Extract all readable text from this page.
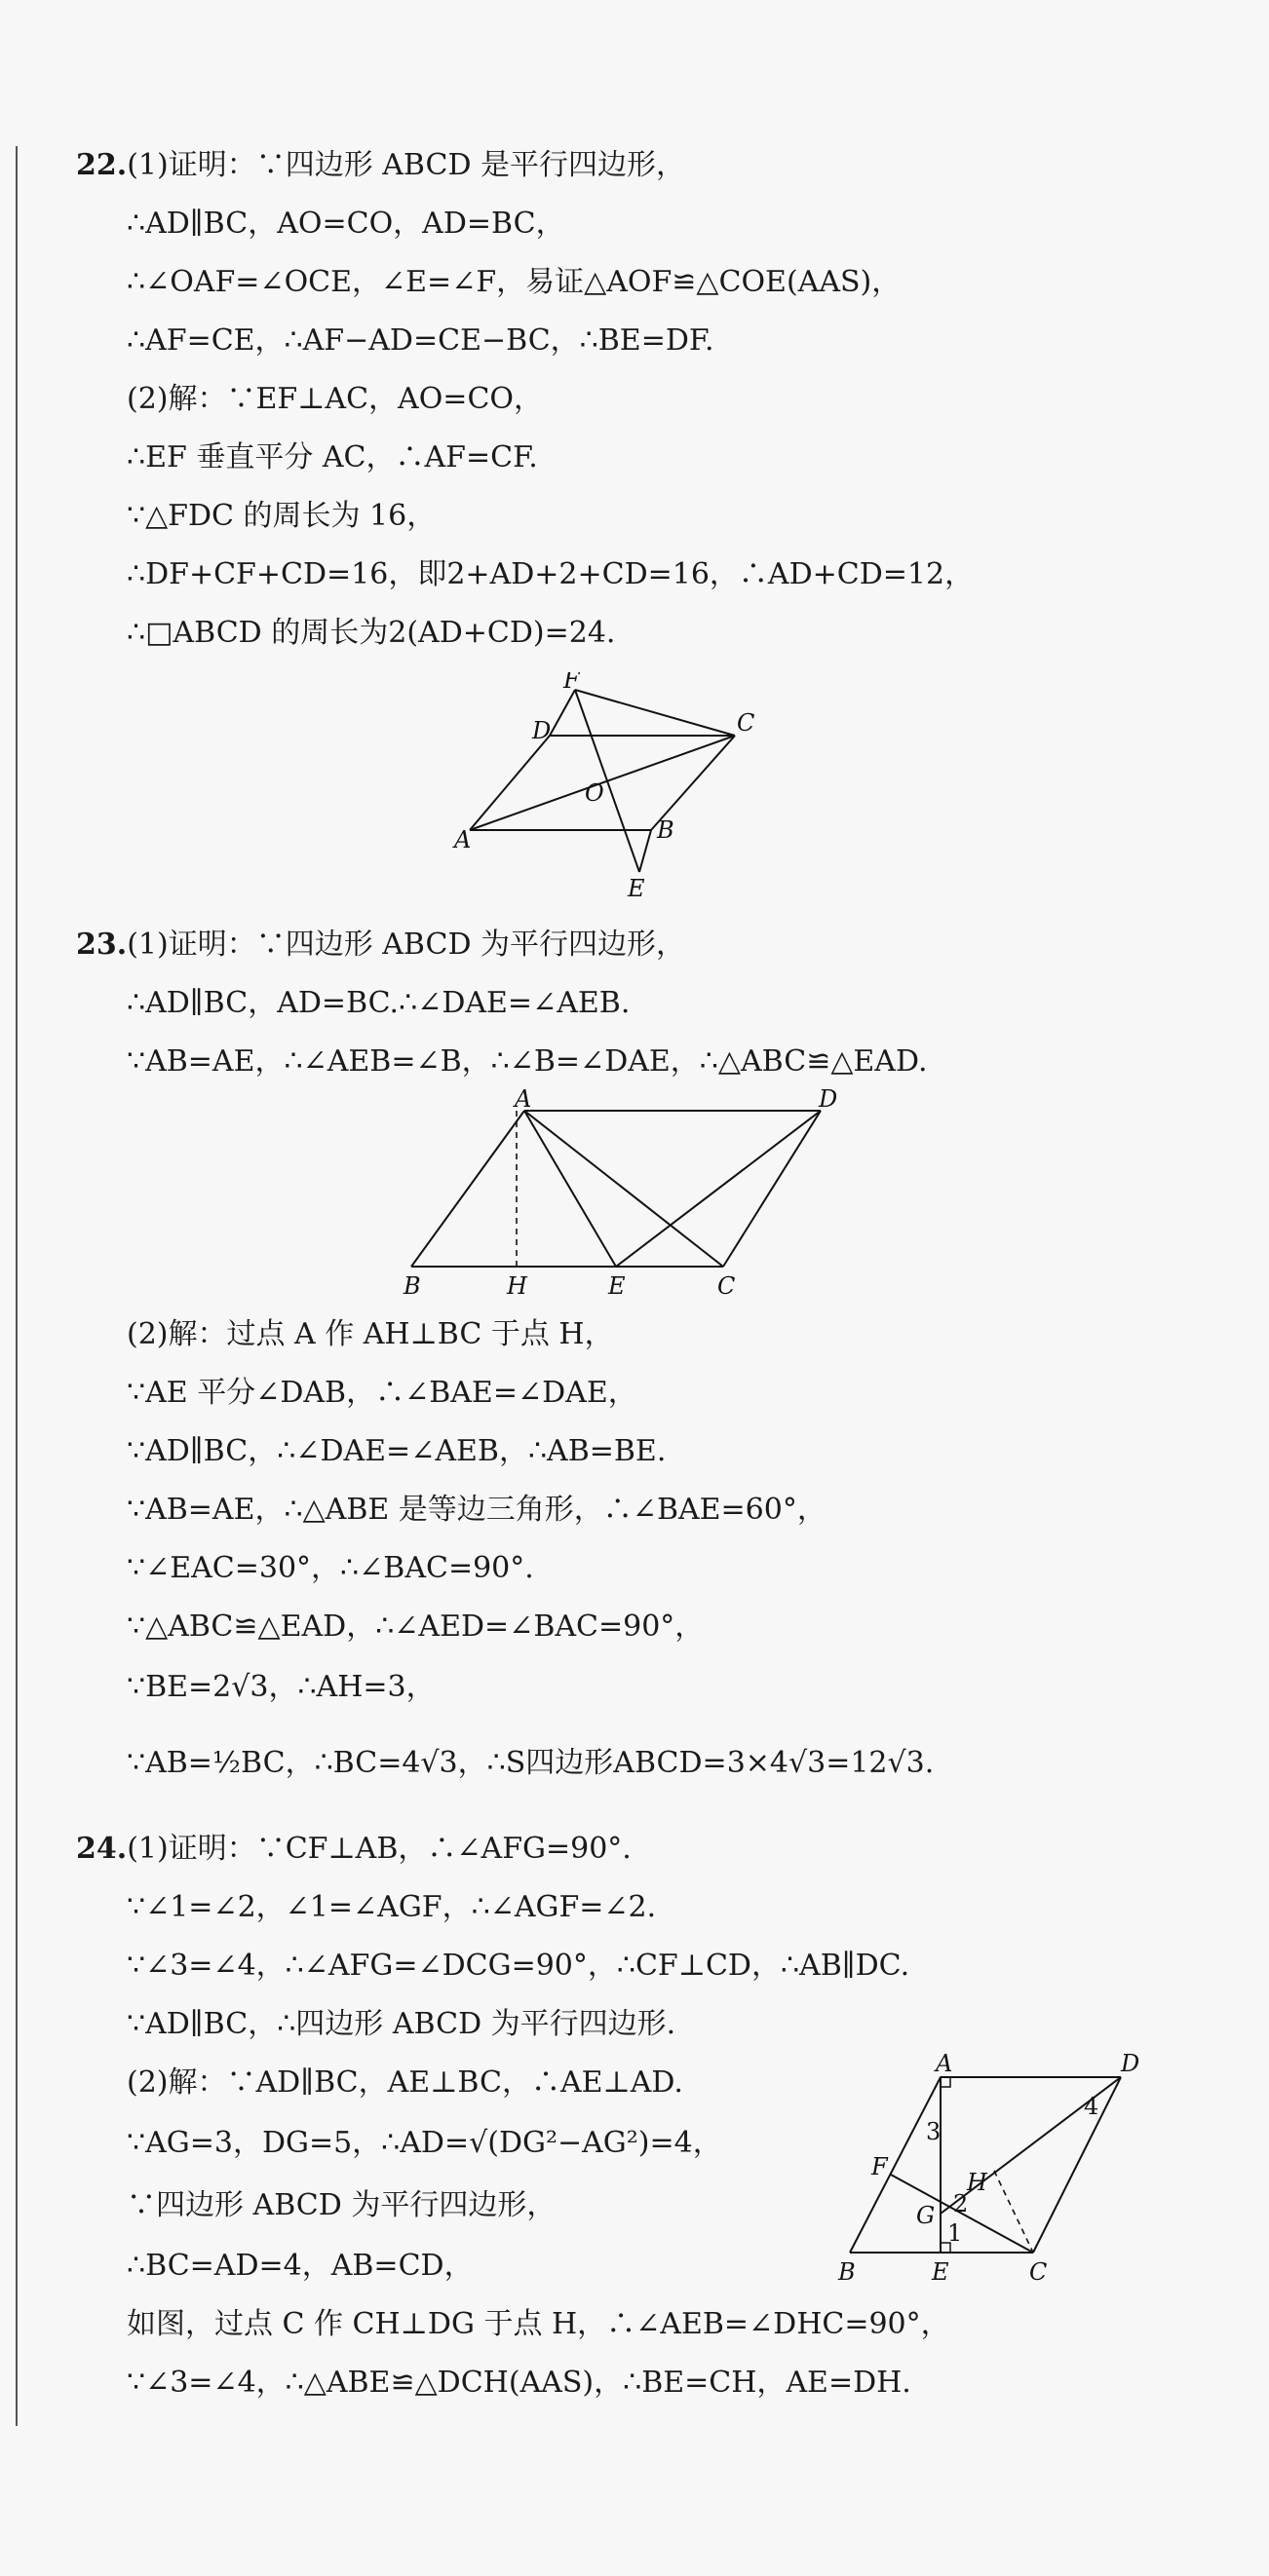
22.(1)证明：∵四边形 ABCD 是平行四边形，
∴AD∥BC，AO=CO，AD=BC，
∴∠OAF=∠OCE，∠E=∠F，易证△AOF≌△COE(AAS)，
∴AF=CE，∴AF−AD=CE−BC，∴BE=DF.
(2)解：∵EF⊥AC，AO=CO，
∴EF 垂直平分 AC，∴AF=CF.
∵△FDC 的周长为 16，
∴DF+CF+CD=16，即2+AD+2+CD=16，∴AD+CD=12，
∴□ABCD 的周长为2(AD+CD)=24.
F
D	C
O
A	B
E
23.(1)证明：∵四边形 ABCD 为平行四边形，
∴AD∥BC，AD=BC.∴∠DAE=∠AEB.
∵AB=AE，∴∠AEB=∠B，∴∠B=∠DAE，∴△ABC≌△EAD.
A	D
B	H	E	C
(2)解：过点 A 作 AH⊥BC 于点 H，
∵AE 平分∠DAB，∴∠BAE=∠DAE，
∵AD∥BC，∴∠DAE=∠AEB，∴AB=BE.
∵AB=AE，∴△ABE 是等边三角形，∴∠BAE=60°，
∵∠EAC=30°，∴∠BAC=90°.
∵△ABC≌△EAD，∴∠AED=∠BAC=90°，
∵BE=2√3，∴AH=3，
∵AB=½BC，∴BC=4√3，∴S四边形ABCD=3×4√3=12√3.
24.(1)证明：∵CF⊥AB，∴∠AFG=90°.
∵∠1=∠2，∠1=∠AGF，∴∠AGF=∠2.
∵∠3=∠4，∴∠AFG=∠DCG=90°，∴CF⊥CD，∴AB∥DC.
∵AD∥BC，∴四边形 ABCD 为平行四边形.
(2)解：∵AD∥BC，AE⊥BC，∴AE⊥AD.
∵AG=3，DG=5，∴AD=√(DG²−AG²)=4，
∵四边形 ABCD 为平行四边形，
∴BC=AD=4，AB=CD，
如图，过点 C 作 CH⊥DG 于点 H，∴∠AEB=∠DHC=90°，
∵∠3=∠4，∴△ABE≌△DCH(AAS)，∴BE=CH，AE=DH.
A	D
3
4
H
F
2
G
1
B	E	C
